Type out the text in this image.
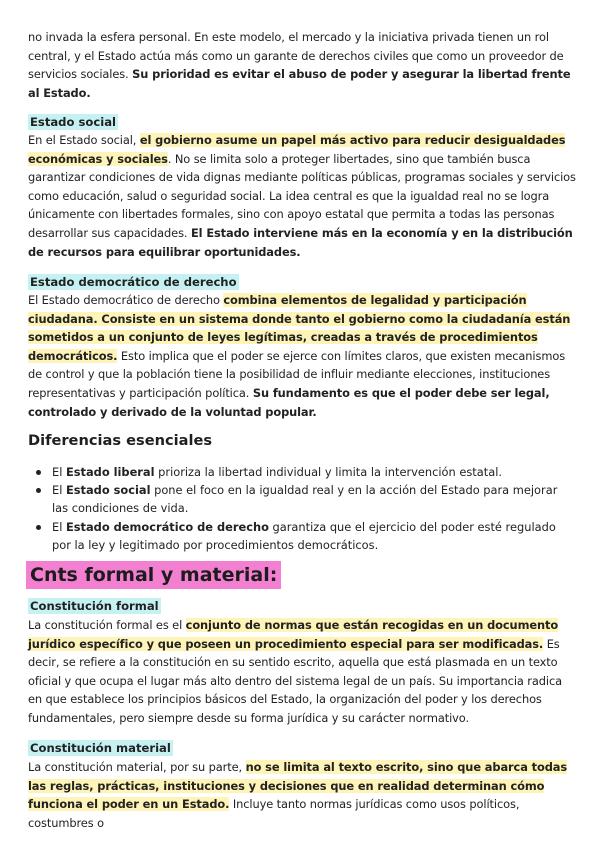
no invada la esfera personal. En este modelo, el mercado y la iniciativa privada tienen un rol central, y el Estado actúa más como un garante de derechos civiles que como un proveedor de servicios sociales. Su prioridad es evitar el abuso de poder y asegurar la libertad frente al Estado.
Estado social
En el Estado social, el gobierno asume un papel más activo para reducir desigualdades económicas y sociales. No se limita solo a proteger libertades, sino que también busca garantizar condiciones de vida dignas mediante políticas públicas, programas sociales y servicios como educación, salud o seguridad social. La idea central es que la igualdad real no se logra únicamente con libertades formales, sino con apoyo estatal que permita a todas las personas desarrollar sus capacidades. El Estado interviene más en la economía y en la distribución de recursos para equilibrar oportunidades.
Estado democrático de derecho
El Estado democrático de derecho combina elementos de legalidad y participación ciudadana. Consiste en un sistema donde tanto el gobierno como la ciudadanía están sometidos a un conjunto de leyes legítimas, creadas a través de procedimientos democráticos. Esto implica que el poder se ejerce con límites claros, que existen mecanismos de control y que la población tiene la posibilidad de influir mediante elecciones, instituciones representativas y participación política. Su fundamento es que el poder debe ser legal, controlado y derivado de la voluntad popular.
Diferencias esenciales
El Estado liberal prioriza la libertad individual y limita la intervención estatal.
El Estado social pone el foco en la igualdad real y en la acción del Estado para mejorar las condiciones de vida.
El Estado democrático de derecho garantiza que el ejercicio del poder esté regulado por la ley y legitimado por procedimientos democráticos.
Cnts formal y material:
Constitución formal
La constitución formal es el conjunto de normas que están recogidas en un documento jurídico específico y que poseen un procedimiento especial para ser modificadas. Es decir, se refiere a la constitución en su sentido escrito, aquella que está plasmada en un texto oficial y que ocupa el lugar más alto dentro del sistema legal de un país. Su importancia radica en que establece los principios básicos del Estado, la organización del poder y los derechos fundamentales, pero siempre desde su forma jurídica y su carácter normativo.
Constitución material
La constitución material, por su parte, no se limita al texto escrito, sino que abarca todas las reglas, prácticas, instituciones y decisiones que en realidad determinan cómo funciona el poder en un Estado. Incluye tanto normas jurídicas como usos políticos, costumbres o
